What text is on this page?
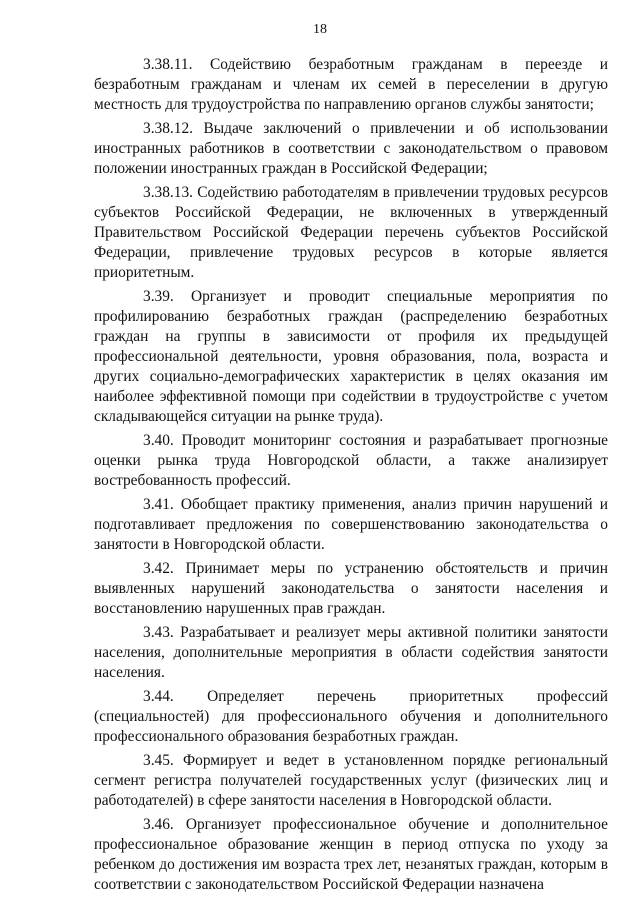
18

3.38.11. Содействию безработным гражданам в переезде и безработным гражданам и членам их семей в переселении в другую местность для трудоустройства по направлению органов службы занятости;

3.38.12. Выдаче заключений о привлечении и об использовании иностранных работников в соответствии с законодательством о правовом положении иностранных граждан в Российской Федерации;

3.38.13. Содействию работодателям в привлечении трудовых ресурсов субъектов Российской Федерации, не включенных в утвержденный Правительством Российской Федерации перечень субъектов Российской Федерации, привлечение трудовых ресурсов в которые является приоритетным.

3.39. Организует и проводит специальные мероприятия по профилированию безработных граждан (распределению безработных граждан на группы в зависимости от профиля их предыдущей профессиональной деятельности, уровня образования, пола, возраста и других социально-демографических характеристик в целях оказания им наиболее эффективной помощи при содействии в трудоустройстве с учетом складывающейся ситуации на рынке труда).

3.40. Проводит мониторинг состояния и разрабатывает прогнозные оценки рынка труда Новгородской области, а также анализирует востребованность профессий.

3.41. Обобщает практику применения, анализ причин нарушений и подготавливает предложения по совершенствованию законодательства о занятости в Новгородской области.

3.42. Принимает меры по устранению обстоятельств и причин выявленных нарушений законодательства о занятости населения и восстановлению нарушенных прав граждан.

3.43. Разрабатывает и реализует меры активной политики занятости населения, дополнительные мероприятия в области содействия занятости населения.

3.44. Определяет перечень приоритетных профессий (специальностей) для профессионального обучения и дополнительного профессионального образования безработных граждан.

3.45. Формирует и ведет в установленном порядке региональный сегмент регистра получателей государственных услуг (физических лиц и работодателей) в сфере занятости населения в Новгородской области.

3.46. Организует профессиональное обучение и дополнительное профессиональное образование женщин в период отпуска по уходу за ребенком до достижения им возраста трех лет, незанятых граждан, которым в соответствии с законодательством Российской Федерации назначена
